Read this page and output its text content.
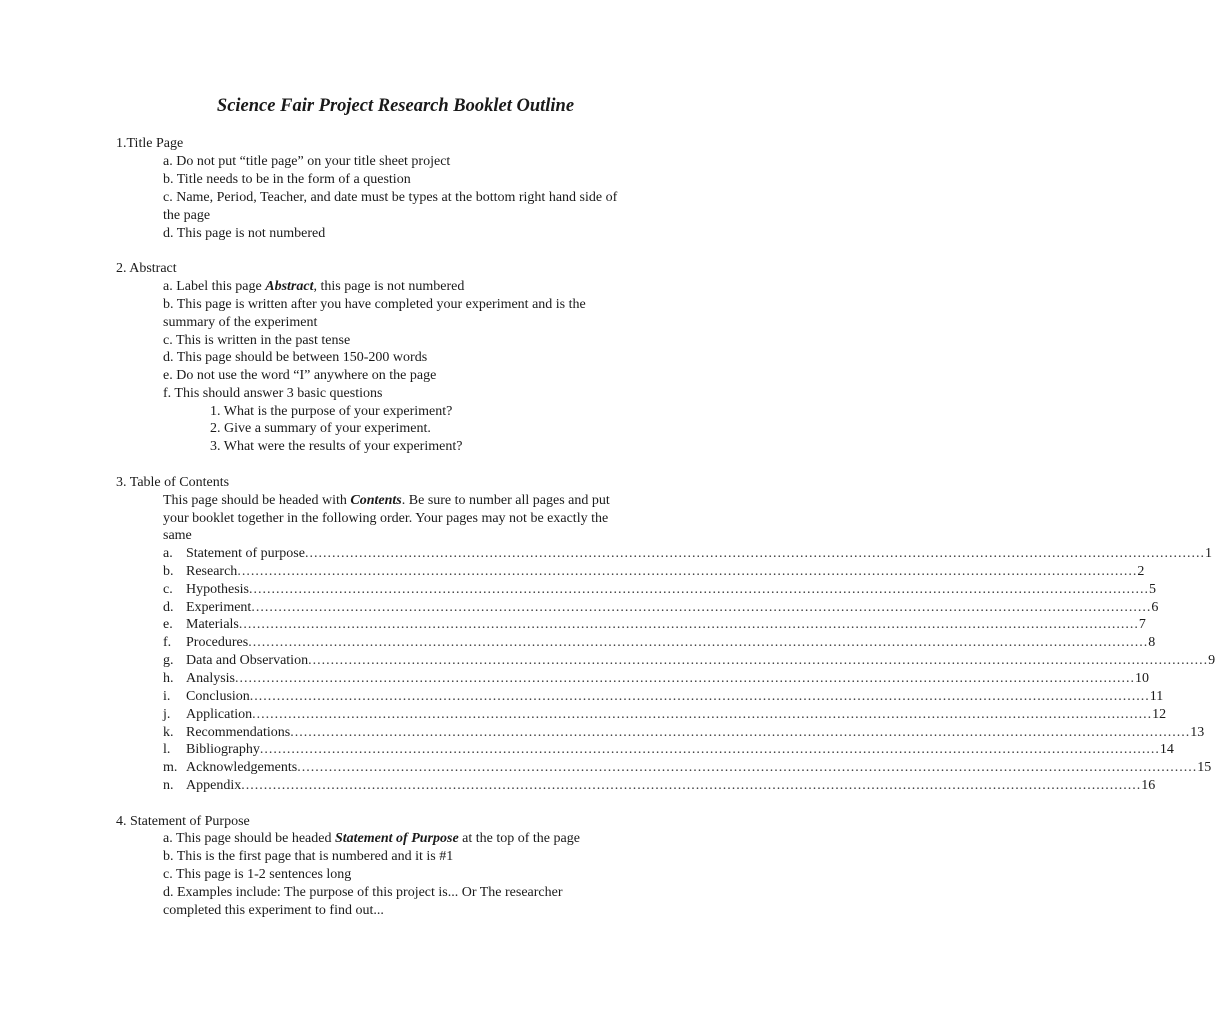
Science Fair Project Research Booklet Outline
1.Title Page
a. Do not put “title page” on your title sheet project
b. Title needs to be in the form of a question
c. Name, Period, Teacher, and date must be types at the bottom right hand side of
the page
d. This page is not numbered
2. Abstract
a. Label this page Abstract, this page is not numbered
b. This page is written after you have completed your experiment and is the
summary of the experiment
c. This is written in the past tense
d. This page should be between 150-200 words
e. Do not use the word “I” anywhere on the page
f. This should answer 3 basic questions
1. What is the purpose of your experiment?
2. Give a summary of your experiment.
3. What were the results of your experiment?
3. Table of Contents
This page should be headed with Contents. Be sure to number all pages and put
your booklet together in the following order. Your pages may not be exactly the
same
a. Statement of purpose ........................................................................................................................................................................................................ 1
b. Research ........................................................................................................................................................................................................ 2
c. Hypothesis ........................................................................................................................................................................................................ 5
d. Experiment ........................................................................................................................................................................................................ 6
e. Materials ........................................................................................................................................................................................................ 7
f.	Procedures ........................................................................................................................................................................................................ 8
g. Data and Observation ........................................................................................................................................................................................................ 9
h. Analysis ........................................................................................................................................................................................................ 10
i.	Conclusion ........................................................................................................................................................................................................ 11
j.	Application ........................................................................................................................................................................................................ 12
k. Recommendations ........................................................................................................................................................................................................ 13
l.	Bibliography ........................................................................................................................................................................................................ 14
m. Acknowledgements ........................................................................................................................................................................................................ 15
n. Appendix ........................................................................................................................................................................................................ 16
4. Statement of Purpose
a. This page should be headed Statement of Purpose at the top of the page
b. This is the first page that is numbered and it is #1
c. This page is 1-2 sentences long
d. Examples include: The purpose of this project is... Or The researcher
completed this experiment to find out...
